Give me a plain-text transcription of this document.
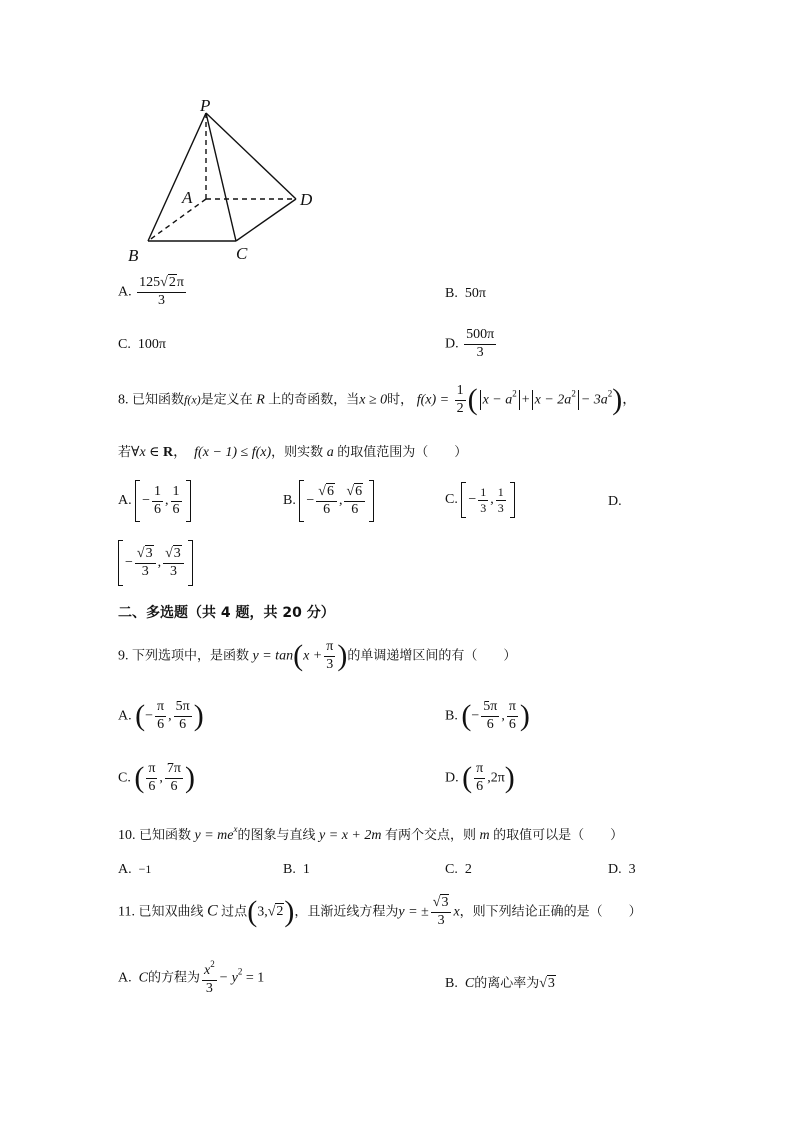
P
A
B	C
D
A. $\frac{125√2\pi}{3}$	B. 50π
C. 100π	D. $\frac{500\pi}{3}$
8. 已知函数f(x)是定义在 R 上的奇函数，当x ≥ 0时， $f(x) = \frac{1}{2}$ ( $x - a^2 + x - 2a^2 - 3a^2$)，
若∀x ∈ R， f(x − 1) ≤ f(x)，则实数 a 的取值范围为（　　）
A. − $\frac{1}{6}$ , $\frac{1}{6}$	B. − $\frac{√6}{6}$ , $\frac{√6}{6}$	C. − $\frac{1}{3}$ , $\frac{1}{3}$	D.
− $\frac{√3}{3}$ , $\frac{√3}{3}$
二、多选题（共 4 题，共 20 分）
9. 下列选项中，是函数 $y = \tan(x + \frac{\pi}{3}$ )的单调递增区间的有（　　）
A. (− $\frac{\pi}{6}$ , $\frac{5\pi}{6}$ )	B. (− $\frac{5\pi}{6}$ , $\frac{\pi}{6}$ )
C. ( $\frac{\pi}{6}$ , $\frac{7\pi}{6}$ )	D. ( $\frac{\pi}{6} ,2\pi$)
10. 已知函数 $y = me^x$的图象与直线 y = x + 2m 有两个交点，则 m 的取值可以是（　　）
A. −1	B. 1	C. 2	D. 3
11. 已知双曲线 C 过点(3,√2)，且渐近线方程为y = ± $\frac{√3}{3}$ x，则下列结论正确的是（　　）
A. C的方程为 $\frac{x^2}{3} - y^2 = 1$	B. C的离心率为√3
